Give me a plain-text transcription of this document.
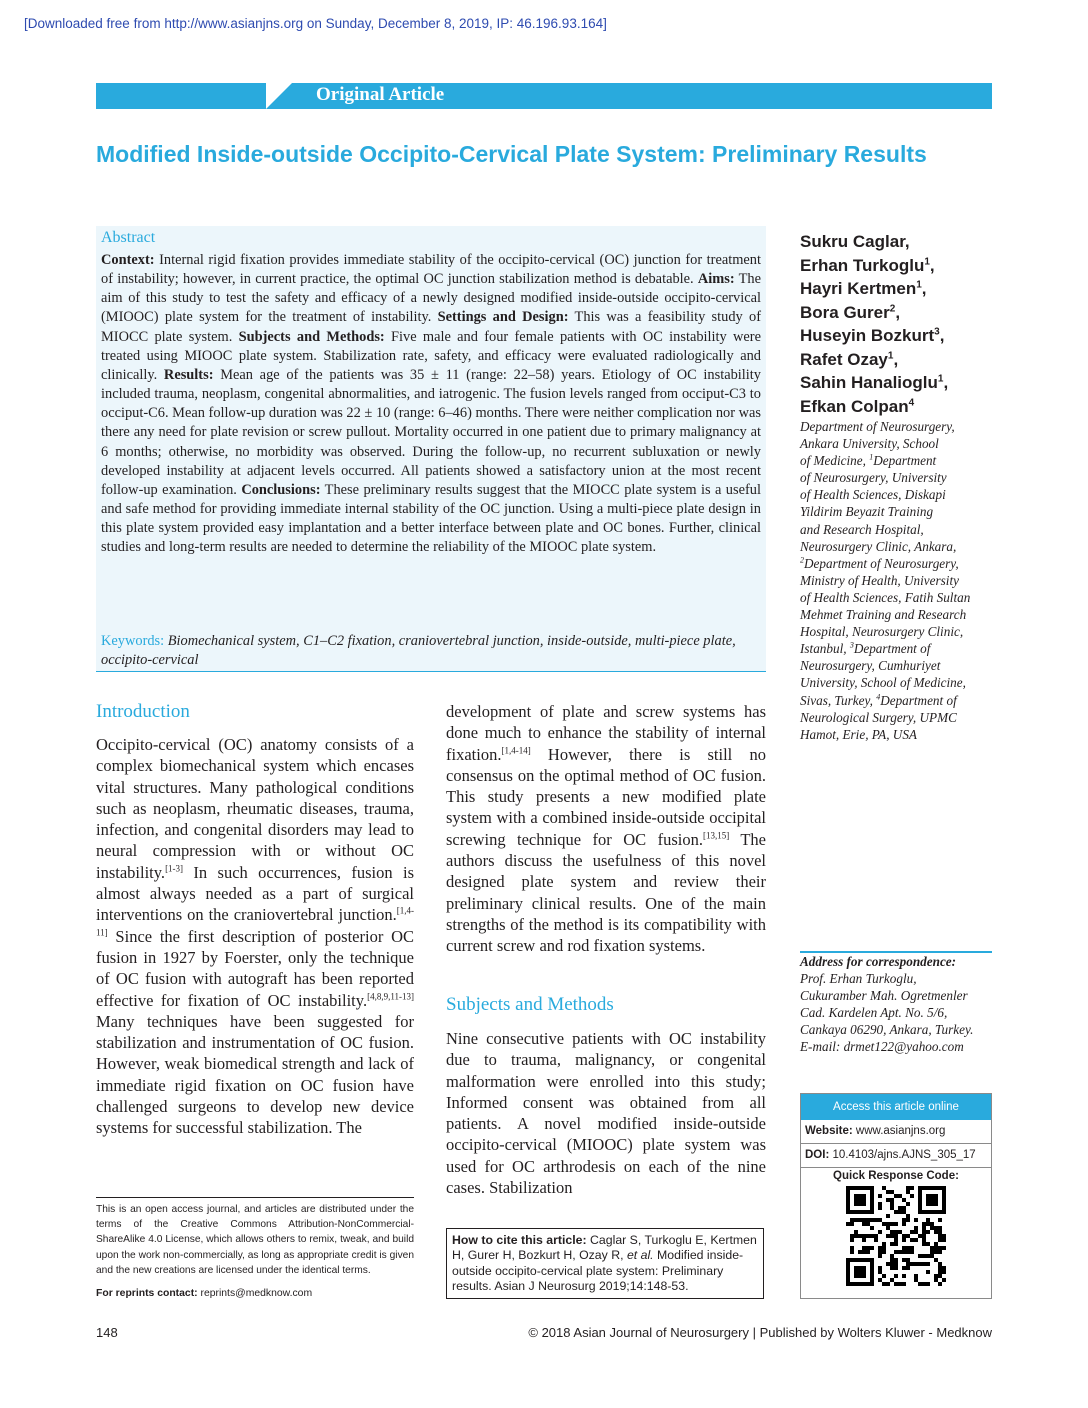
[Downloaded free from http://www.asianjns.org on Sunday, December 8, 2019, IP: 46.196.93.164]
Original Article
Modified Inside-outside Occipito-Cervical Plate System: Preliminary Results
Abstract
Context: Internal rigid fixation provides immediate stability of the occipito-cervical (OC) junction for treatment of instability; however, in current practice, the optimal OC junction stabilization method is debatable. Aims: The aim of this study to test the safety and efficacy of a newly designed modified inside-outside occipito-cervical (MIOOC) plate system for the treatment of instability. Settings and Design: This was a feasibility study of MIOCC plate system. Subjects and Methods: Five male and four female patients with OC instability were treated using MIOOC plate system. Stabilization rate, safety, and efficacy were evaluated radiologically and clinically. Results: Mean age of the patients was 35 ± 11 (range: 22–58) years. Etiology of OC instability included trauma, neoplasm, congenital abnormalities, and iatrogenic. The fusion levels ranged from occiput-C3 to occiput-C6. Mean follow-up duration was 22 ± 10 (range: 6–46) months. There were neither complication nor was there any need for plate revision or screw pullout. Mortality occurred in one patient due to primary malignancy at 6 months; otherwise, no morbidity was observed. During the follow-up, no recurrent subluxation or newly developed instability at adjacent levels occurred. All patients showed a satisfactory union at the most recent follow-up examination. Conclusions: These preliminary results suggest that the MIOCC plate system is a useful and safe method for providing immediate internal stability of the OC junction. Using a multi-piece plate design in this plate system provided easy implantation and a better interface between plate and OC bones. Further, clinical studies and long-term results are needed to determine the reliability of the MIOOC plate system.
Keywords: Biomechanical system, C1–C2 fixation, craniovertebral junction, inside-outside, multi-piece plate, occipito-cervical
Sukru Caglar,
Erhan Turkoglu$^1$,
Hayri Kertmen$^1$,
Bora Gurer$^2$,
Huseyin Bozkurt$^3$,
Rafet Ozay$^1$,
Sahin Hanalioglu$^1$,
Efkan Colpan$^4$
Department of Neurosurgery,
Ankara University, School
of Medicine, $^1$Department
of Neurosurgery, University
of Health Sciences, Diskapi
Yildirim Beyazit Training
and Research Hospital,
Neurosurgery Clinic, Ankara,
$^2$Department of Neurosurgery,
Ministry of Health, University
of Health Sciences, Fatih Sultan
Mehmet Training and Research
Hospital, Neurosurgery Clinic,
Istanbul, $^3$Department of
Neurosurgery, Cumhuriyet
University, School of Medicine,
Sivas, Turkey, $^4$Department of
Neurological Surgery, UPMC
Hamot, Erie, PA, USA
Introduction
Occipito-cervical (OC) anatomy consists of a complex biomechanical system which encases vital structures. Many pathological conditions such as neoplasm, rheumatic diseases, trauma, infection, and congenital disorders may lead to neural compression with or without OC instability.[1-3] In such occurrences, fusion is almost always needed as a part of surgical interventions on the craniovertebral junction.[1,4-11] Since the first description of posterior OC fusion in 1927 by Foerster, only the technique of OC fusion with autograft has been reported effective for fixation of OC instability.[4,8,9,11-13] Many techniques have been suggested for stabilization and instrumentation of OC fusion. However, weak biomedical strength and lack of immediate rigid fixation on OC fusion have challenged surgeons to develop new device systems for successful stabilization. The
development of plate and screw systems has done much to enhance the stability of internal fixation.[1,4-14] However, there is still no consensus on the optimal method of OC fusion. This study presents a new modified plate system with a combined inside-outside occipital screwing technique for OC fusion.[13,15] The authors discuss the usefulness of this novel designed plate system and review their preliminary clinical results. One of the main strengths of the method is its compatibility with current screw and rod fixation systems.
Subjects and Methods
Nine consecutive patients with OC instability due to trauma, malignancy, or congenital malformation were enrolled into this study; Informed consent was obtained from all patients. A novel modified inside-outside occipito-cervical (MIOOC) plate system was used for OC arthrodesis on each of the nine cases. Stabilization
This is an open access journal, and articles are distributed under the terms of the Creative Commons Attribution-NonCommercial-ShareAlike 4.0 License, which allows others to remix, tweak, and build upon the work non-commercially, as long as appropriate credit is given and the new creations are licensed under the identical terms.
For reprints contact: reprints@medknow.com
How to cite this article: Caglar S, Turkoglu E, Kertmen H, Gurer H, Bozkurt H, Ozay R, et al. Modified inside-outside occipito-cervical plate system: Preliminary results. Asian J Neurosurg 2019;14:148-53.
Address for correspondence:
Prof. Erhan Turkoglu,
Cukuramber Mah. Ogretmenler
Cad. Kardelen Apt. No. 5/6,
Cankaya 06290, Ankara, Turkey.
E-mail: drmet122@yahoo.com
Access this article online
Website: www.asianjns.org
DOI: 10.4103/ajns.AJNS_305_17
Quick Response Code:
148	© 2018 Asian Journal of Neurosurgery | Published by Wolters Kluwer - Medknow
